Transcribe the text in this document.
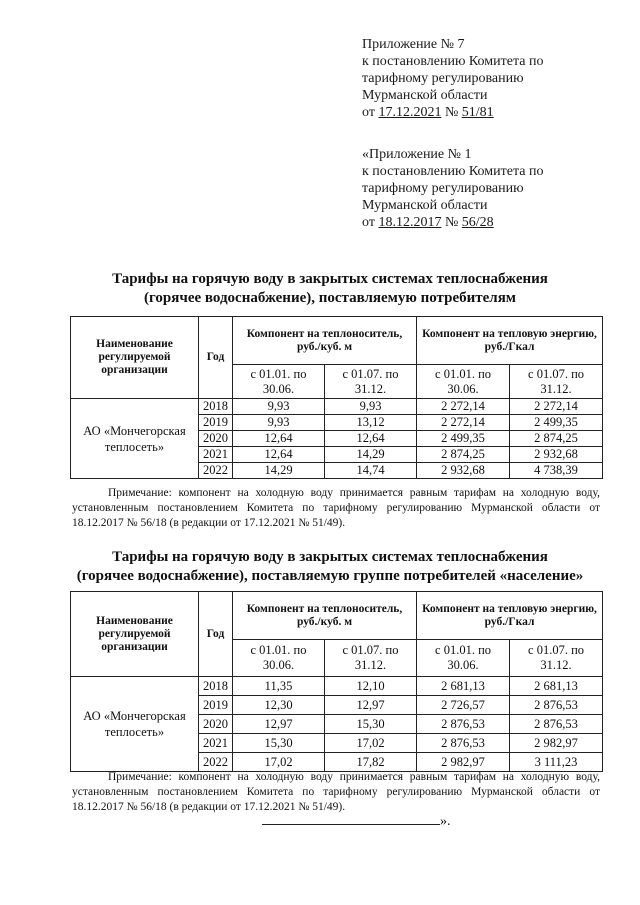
Приложение № 7
к постановлению Комитета по
тарифному регулированию
Мурманской области
от 17.12.2021 № 51/81
«Приложение № 1
к постановлению Комитета по
тарифному регулированию
Мурманской области
от 18.12.2017 № 56/28
Тарифы на горячую воду в закрытых системах теплоснабжения
(горячее водоснабжение), поставляемую потребителям
Наименование регулируемой организации	Год	Компонент на теплоноситель, руб./куб. м		Компонент на тепловую энергию, руб./Гкал	
		с 01.01. по 30.06.	с 01.07. по 31.12.	с 01.01. по 30.06.	с 01.07. по 31.12.
АО «Мончегорская теплосеть»	2018	9,93	9,93	2 272,14	2 272,14
	2019	9,93	13,12	2 272,14	2 499,35
	2020	12,64	12,64	2 499,35	2 874,25
	2021	12,64	14,29	2 874,25	2 932,68
	2022	14,29	14,74	2 932,68	4 738,39
Примечание: компонент на холодную воду принимается равным тарифам на холодную воду, установленным постановлением Комитета по тарифному регулированию Мурманской области от 18.12.2017 № 56/18 (в редакции от 17.12.2021 № 51/49).
Тарифы на горячую воду в закрытых системах теплоснабжения
(горячее водоснабжение), поставляемую группе потребителей «население»
Наименование регулируемой организации	Год	Компонент на теплоноситель, руб./куб. м		Компонент на тепловую энергию, руб./Гкал	
		с 01.01. по 30.06.	с 01.07. по 31.12.	с 01.01. по 30.06.	с 01.07. по 31.12.
АО «Мончегорская теплосеть»	2018	11,35	12,10	2 681,13	2 681,13
	2019	12,30	12,97	2 726,57	2 876,53
	2020	12,97	15,30	2 876,53	2 876,53
	2021	15,30	17,02	2 876,53	2 982,97
	2022	17,02	17,82	2 982,97	3 111,23
Примечание: компонент на холодную воду принимается равным тарифам на холодную воду, установленным постановлением Комитета по тарифному регулированию Мурманской области от 18.12.2017 № 56/18 (в редакции от 17.12.2021 № 51/49).
».
